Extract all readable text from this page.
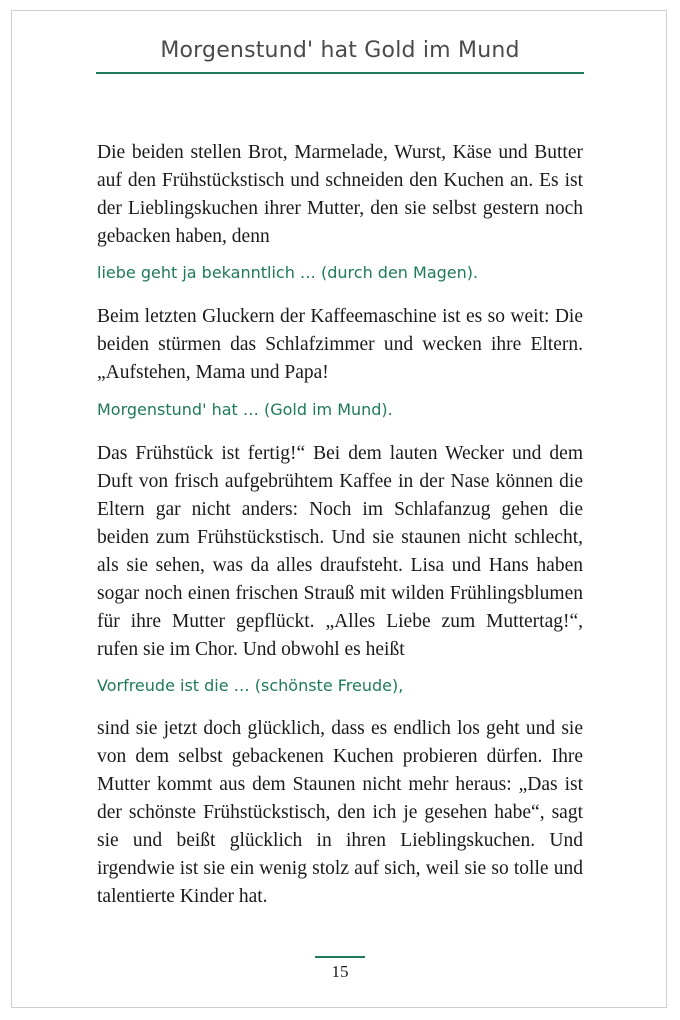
Morgenstund' hat Gold im Mund

Die beiden stellen Brot, Marmelade, Wurst, Käse und Butter auf den Frühstückstisch und schneiden den Kuchen an. Es ist der Lieblingskuchen ihrer Mutter, den sie selbst gestern noch gebacken haben, denn

liebe geht ja bekanntlich … (durch den Magen).

Beim letzten Gluckern der Kaffeemaschine ist es so weit: Die beiden stürmen das Schlafzimmer und wecken ihre Eltern. „Aufstehen, Mama und Papa!

Morgenstund' hat … (Gold im Mund).

Das Frühstück ist fertig!“ Bei dem lauten Wecker und dem Duft von frisch aufgebrühtem Kaffee in der Nase können die Eltern gar nicht anders: Noch im Schlafanzug gehen die beiden zum Frühstückstisch. Und sie staunen nicht schlecht, als sie sehen, was da alles draufsteht. Lisa und Hans haben sogar noch einen frischen Strauß mit wilden Frühlingsblumen für ihre Mutter gepflückt. „Alles Liebe zum Muttertag!“, rufen sie im Chor. Und obwohl es heißt

Vorfreude ist die … (schönste Freude),

sind sie jetzt doch glücklich, dass es endlich los geht und sie von dem selbst gebackenen Kuchen probieren dürfen. Ihre Mutter kommt aus dem Staunen nicht mehr heraus: „Das ist der schönste Frühstückstisch, den ich je gesehen habe“, sagt sie und beißt glücklich in ihren Lieblingskuchen. Und irgendwie ist sie ein wenig stolz auf sich, weil sie so tolle und talentierte Kinder hat.

15
